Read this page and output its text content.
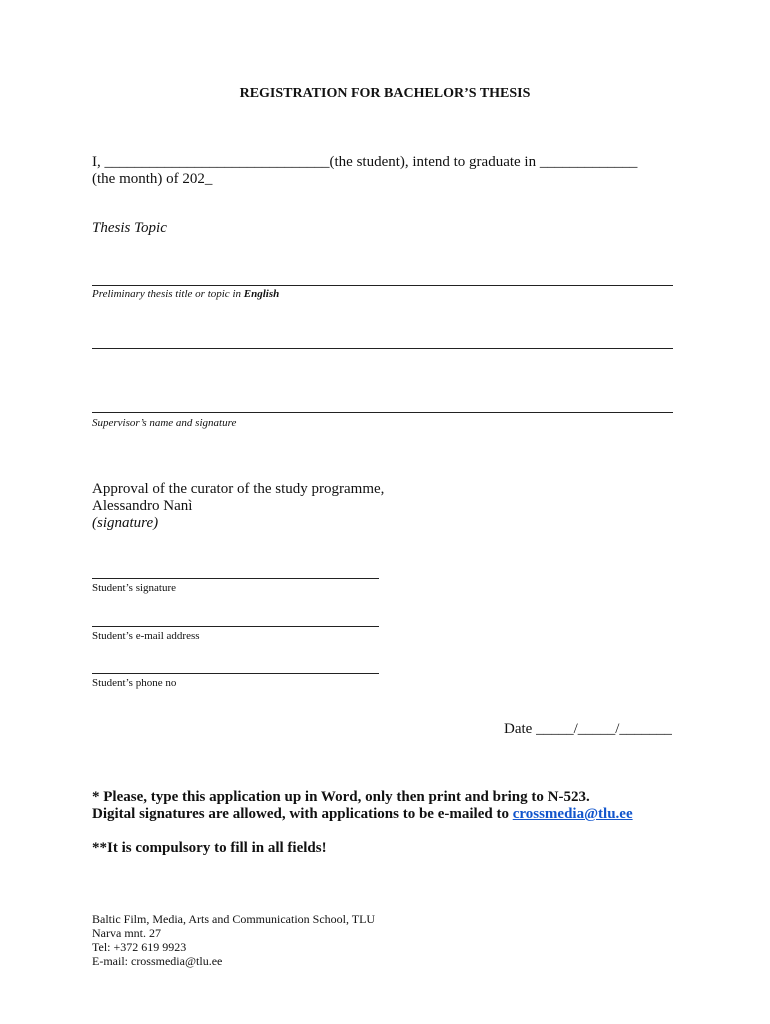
REGISTRATION FOR BACHELOR’S THESIS
I, ______________________________(the student), intend to graduate in _____________
(the month) of 202_
Thesis Topic
Preliminary thesis title or topic in English
Supervisor’s name and signature
Approval of the curator of the study programme,
Alessandro Nanì
(signature)
Student’s signature
Student’s e-mail address
Student’s phone no
Date _____/_____/_______
* Please, type this application up in Word, only then print and bring to N-523.
Digital signatures are allowed, with applications to be e-mailed to crossmedia@tlu.ee
**It is compulsory to fill in all fields!
Baltic Film, Media, Arts and Communication School, TLU
Narva mnt. 27
Tel: +372 619 9923
E-mail: crossmedia@tlu.ee
